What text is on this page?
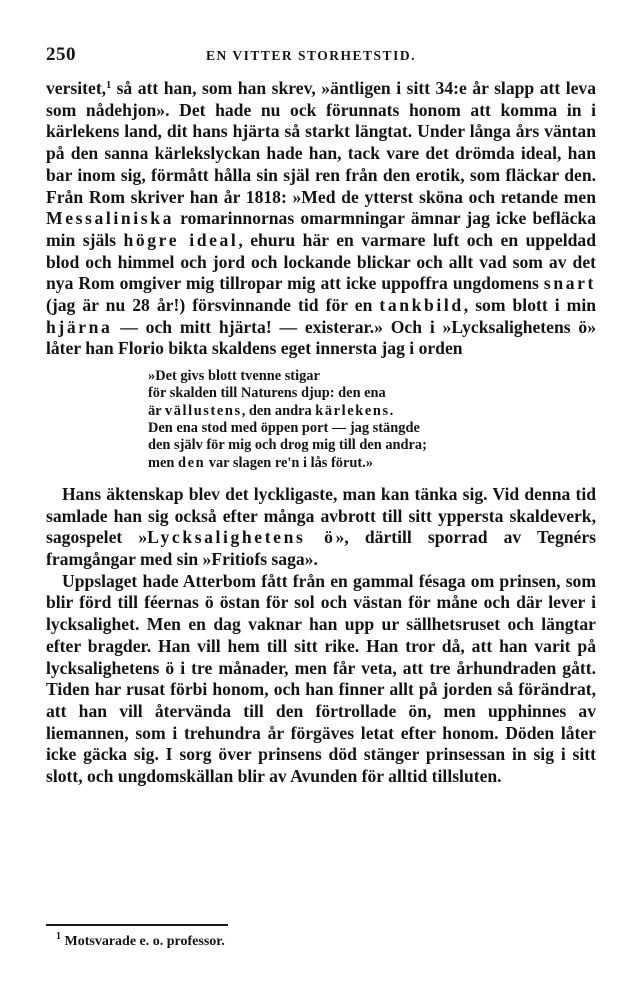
250	EN VITTER STORHETSTID.

versitet,$^1$ så att han, som han skrev, »äntligen i sitt 34:e år slapp att leva som nådehjon». Det hade nu ock förunnats honom att komma in i kärlekens land, dit hans hjärta så starkt längtat. Under långa års väntan på den sanna kärlekslyckan hade han, tack vare det drömda ideal, han bar inom sig, förmått hålla sin själ ren från den erotik, som fläckar den. Från Rom skriver han år 1818: »Med de ytterst sköna och retande men Messaliniska romarinnornas omarmningar ämnar jag icke befläcka min själs högre ideal, ehuru här en varmare luft och en uppeldad blod och himmel och jord och lockande blickar och allt vad som av det nya Rom omgiver mig tillropar mig att icke uppoffra ungdomens snart (jag är nu 28 år!) försvinnande tid för en tankbild, som blott i min hjärna — och mitt hjärta! — existerar.» Och i »Lycksalighetens ö» låter han Florio bikta skaldens eget innersta jag i orden

»Det givs blott tvenne stigar
för skalden till Naturens djup: den ena
är vällustens, den andra kärlekens.
Den ena stod med öppen port — jag stängde
den själv för mig och drog mig till den andra;
men den var slagen re'n i lås förut.»

Hans äktenskap blev det lyckligaste, man kan tänka sig. Vid denna tid samlade han sig också efter många avbrott till sitt yppersta skaldeverk, sagospelet »Lycksalighetens ö», därtill sporrad av Tegnérs framgångar med sin »Fritiofs saga».

Uppslaget hade Atterbom fått från en gammal fésaga om prinsen, som blir förd till féernas ö östan för sol och västan för måne och där lever i lycksalighet. Men en dag vaknar han upp ur sällhetsruset och längtar efter bragder. Han vill hem till sitt rike. Han tror då, att han varit på lycksalighetens ö i tre månader, men får veta, att tre århundraden gått. Tiden har rusat förbi honom, och han finner allt på jorden så förändrat, att han vill återvända till den förtrollade ön, men upphinnes av liemannen, som i trehundra år förgäves letat efter honom. Döden låter icke gäcka sig. I sorg över prinsens död stänger prinsessan in sig i sitt slott, och ungdomskällan blir av Avunden för alltid tillsluten.

$^1$ Motsvarade e. o. professor.
